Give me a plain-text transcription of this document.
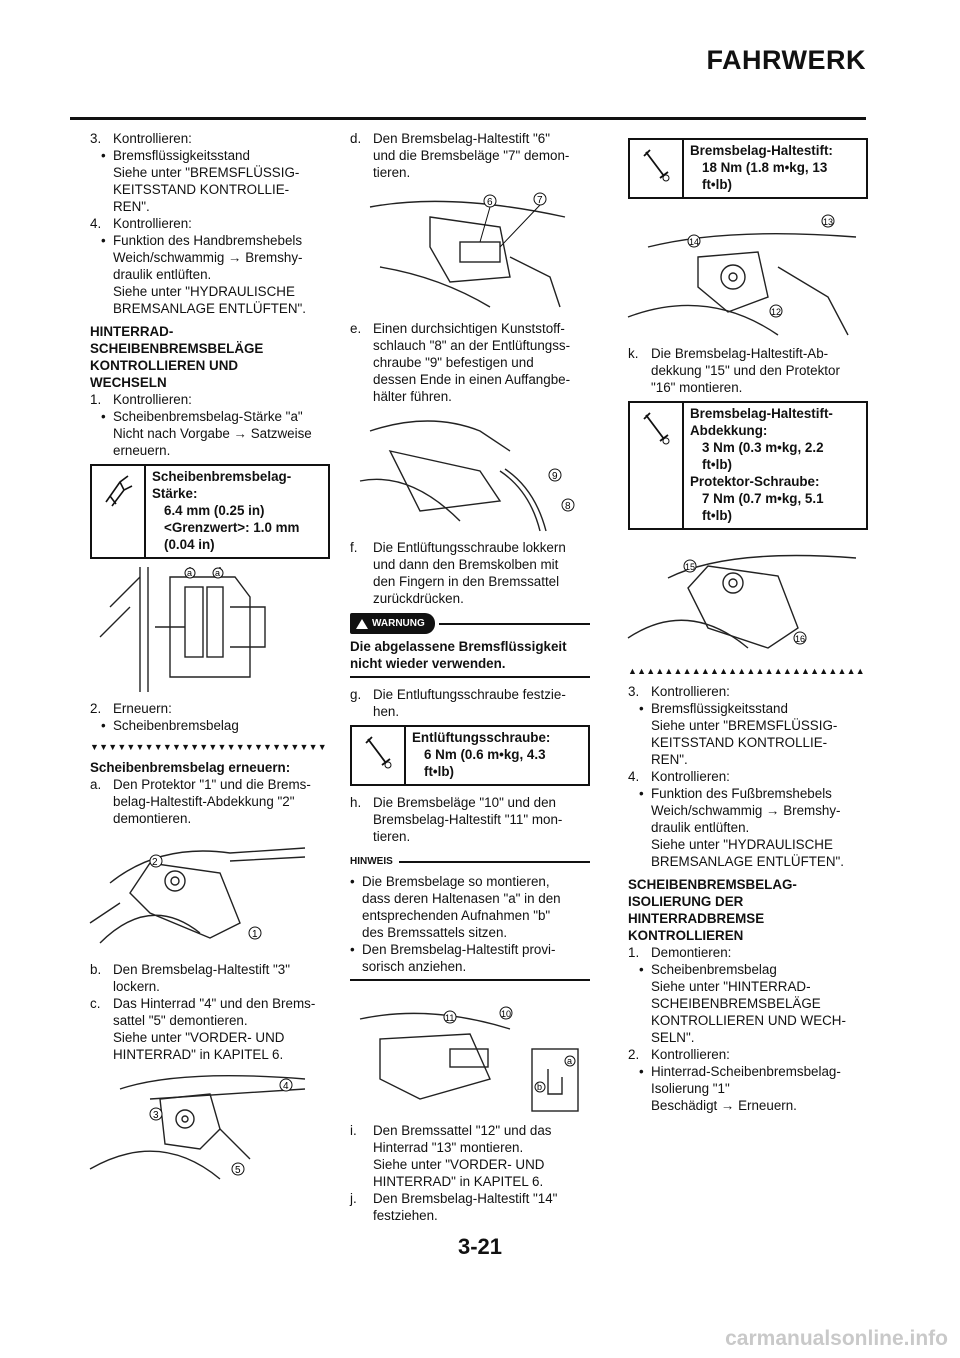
FAHRWERK
3. Kontrollieren:
• Bremsflüssigkeitsstand
Siehe unter "BREMSFLÜSSIG-
KEITSSTAND KONTROLLIE-
REN".
4. Kontrollieren:
• Funktion des Handbremshebels
Weich/schwammig → Bremshy-
draulik entlüften.
Siehe unter "HYDRAULISCHE
BREMSANLAGE ENTLÜFTEN".
HINTERRAD-
SCHEIBENBREMSBELÄGE
KONTROLLIEREN UND
WECHSELN
1. Kontrollieren:
• Scheibenbremsbelag-Stärke "a"
Nicht nach Vorgabe → Satzweise
erneuern.
Scheibenbremsbelag-
Stärke:
6.4 mm (0.25 in)
<Grenzwert>: 1.0 mm
(0.04 in)
a	a
2. Erneuern:
• Scheibenbremsbelag
▼▼▼▼▼▼▼▼▼▼▼▼▼▼▼▼▼▼▼▼▼▼▼▼▼▼
Scheibenbremsbelag erneuern:
a. Den Protektor "1" und die Brems-
belag-Haltestift-Abdekkung "2"
demontieren.
2
1
b. Den Bremsbelag-Haltestift "3"
lockern.
c. Das Hinterrad "4" und den Brems-
sattel "5" demontieren.
Siehe unter "VORDER- UND
HINTERRAD" in KAPITEL 6.
4
3
5
d. Den Bremsbelag-Haltestift "6"
und die Bremsbeläge "7" demon-
tieren.
6	7
e. Einen durchsichtigen Kunststoff-
schlauch "8" an der Entlüftungss-
chraube "9" befestigen und
dessen Ende in einen Auffangbe-
hälter führen.
9
8
f. Die Entlüftungsschraube lokkern
und dann den Bremskolben mit
den Fingern in den Bremssattel
zurückdrücken.
WARNUNG
Die abgelassene Bremsflüssigkeit
nicht wieder verwenden.
g. Die Entluftungsschraube festzie-
hen.
Entlüftungsschraube:
6 Nm (0.6 m•kg, 4.3
ft•lb)
h. Die Bremsbeläge "10" und den
Bremsbelag-Haltestift "11" mon-
tieren.
HINWEIS
• Die Bremsbelage so montieren,
dass deren Haltenasen "a" in den
entsprechenden Aufnahmen "b"
des Bremssattels sitzen.
• Den Bremsbelag-Haltestift provi-
sorisch anziehen.
11	10
a
b
i. Den Bremssattel "12" und das
Hinterrad "13" montieren.
Siehe unter "VORDER- UND
HINTERRAD" in KAPITEL 6.
j. Den Bremsbelag-Haltestift "14"
festziehen.
Bremsbelag-Haltestift:
18 Nm (1.8 m•kg, 13
ft•lb)
13
14
12
k. Die Bremsbelag-Haltestift-Ab-
dekkung "15" und den Protektor
"16" montieren.
Bremsbelag-Haltestift-
Abdekkung:
3 Nm (0.3 m•kg, 2.2
ft•lb)
Protektor-Schraube:
7 Nm (0.7 m•kg, 5.1
ft•lb)
15
16
▲▲▲▲▲▲▲▲▲▲▲▲▲▲▲▲▲▲▲▲▲▲▲▲▲▲
3. Kontrollieren:
• Bremsflüssigkeitsstand
Siehe unter "BREMSFLÜSSIG-
KEITSSTAND KONTROLLIE-
REN".
4. Kontrollieren:
• Funktion des Fußbremshebels
Weich/schwammig → Bremshy-
draulik entlüften.
Siehe unter "HYDRAULISCHE
BREMSANLAGE ENTLÜFTEN".
SCHEIBENBREMSBELAG-
ISOLIERUNG DER
HINTERRADBREMSE
KONTROLLIEREN
1. Demontieren:
• Scheibenbremsbelag
Siehe unter "HINTERRAD-
SCHEIBENBREMSBELÄGE
KONTROLLIEREN UND WECH-
SELN".
2. Kontrollieren:
• Hinterrad-Scheibenbremsbelag-
Isolierung "1"
Beschädigt → Erneuern.
3-21
carmanualsonline.info
